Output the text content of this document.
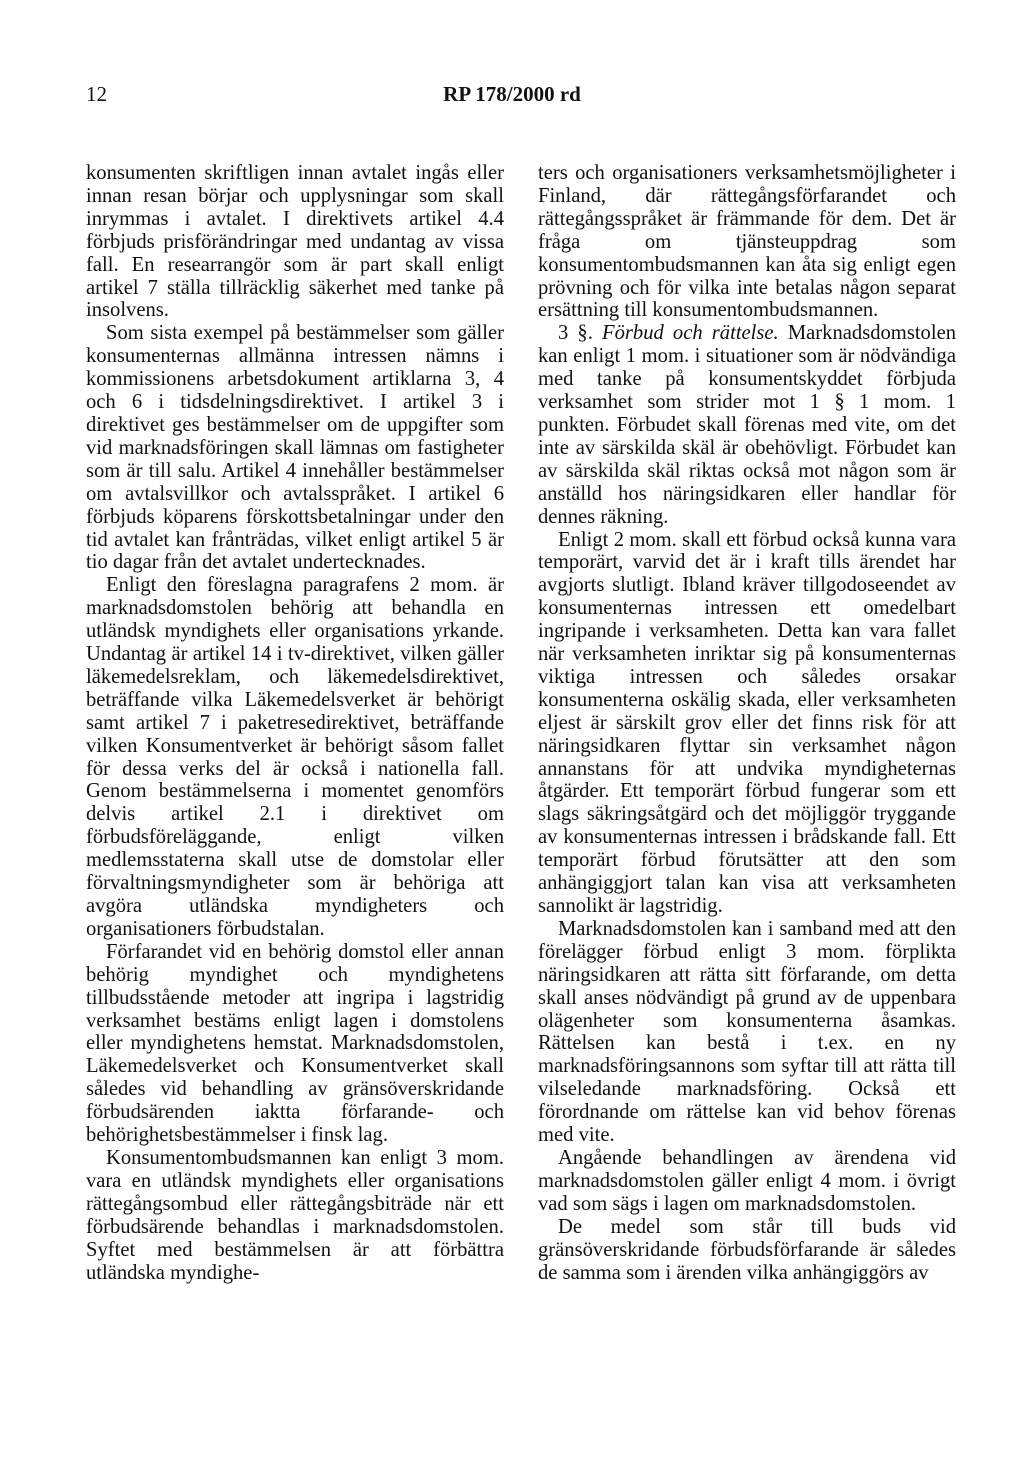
12	RP 178/2000 rd

konsumenten skriftligen innan avtalet ingås eller innan resan börjar och upplysningar som skall inrymmas i avtalet. I direktivets artikel 4.4 förbjuds prisförändringar med undantag av vissa fall. En researrangör som är part skall enligt artikel 7 ställa tillräcklig säkerhet med tanke på insolvens.

Som sista exempel på bestämmelser som gäller konsumenternas allmänna intressen nämns i kommissionens arbetsdokument artiklarna 3, 4 och 6 i tidsdelningsdirektivet. I artikel 3 i direktivet ges bestämmelser om de uppgifter som vid marknadsföringen skall lämnas om fastigheter som är till salu. Artikel 4 innehåller bestämmelser om avtalsvillkor och avtalsspråket. I artikel 6 förbjuds köparens förskottsbetalningar under den tid avtalet kan frånträdas, vilket enligt artikel 5 är tio dagar från det avtalet undertecknades.

Enligt den föreslagna paragrafens 2 mom. är marknadsdomstolen behörig att behandla en utländsk myndighets eller organisations yrkande. Undantag är artikel 14 i tv-direktivet, vilken gäller läkemedelsreklam, och läkemedelsdirektivet, beträffande vilka Läkemedelsverket är behörigt samt artikel 7 i paketresedirektivet, beträffande vilken Konsumentverket är behörigt såsom fallet för dessa verks del är också i nationella fall. Genom bestämmelserna i momentet genomförs delvis artikel 2.1 i direktivet om förbudsföreläggande, enligt vilken medlemsstaterna skall utse de domstolar eller förvaltningsmyndigheter som är behöriga att avgöra utländska myndigheters och organisationers förbudstalan.

Förfarandet vid en behörig domstol eller annan behörig myndighet och myndighetens tillbudsstående metoder att ingripa i lagstridig verksamhet bestäms enligt lagen i domstolens eller myndighetens hemstat. Marknadsdomstolen, Läkemedelsverket och Konsumentverket skall således vid behandling av gränsöverskridande förbudsärenden iaktta förfarande- och behörighetsbestämmelser i finsk lag.

Konsumentombudsmannen kan enligt 3 mom. vara en utländsk myndighets eller organisations rättegångsombud eller rättegångsbiträde när ett förbudsärende behandlas i marknadsdomstolen. Syftet med bestämmelsen är att förbättra utländska myndighe-

ters och organisationers verksamhetsmöjligheter i Finland, där rättegångsförfarandet och rättegångsspråket är främmande för dem. Det är fråga om tjänsteuppdrag som konsumentombudsmannen kan åta sig enligt egen prövning och för vilka inte betalas någon separat ersättning till konsumentombudsmannen.

3 §. Förbud och rättelse. Marknadsdomstolen kan enligt 1 mom. i situationer som är nödvändiga med tanke på konsumentskyddet förbjuda verksamhet som strider mot 1 § 1 mom. 1 punkten. Förbudet skall förenas med vite, om det inte av särskilda skäl är obehövligt. Förbudet kan av särskilda skäl riktas också mot någon som är anställd hos näringsidkaren eller handlar för dennes räkning.

Enligt 2 mom. skall ett förbud också kunna vara temporärt, varvid det är i kraft tills ärendet har avgjorts slutligt. Ibland kräver tillgodoseendet av konsumenternas intressen ett omedelbart ingripande i verksamheten. Detta kan vara fallet när verksamheten inriktar sig på konsumenternas viktiga intressen och således orsakar konsumenterna oskälig skada, eller verksamheten eljest är särskilt grov eller det finns risk för att näringsidkaren flyttar sin verksamhet någon annanstans för att undvika myndigheternas åtgärder. Ett temporärt förbud fungerar som ett slags säkringsåtgärd och det möjliggör tryggande av konsumenternas intressen i brådskande fall. Ett temporärt förbud förutsätter att den som anhängiggjort talan kan visa att verksamheten sannolikt är lagstridig.

Marknadsdomstolen kan i samband med att den förelägger förbud enligt 3 mom. förplikta näringsidkaren att rätta sitt förfarande, om detta skall anses nödvändigt på grund av de uppenbara olägenheter som konsumenterna åsamkas. Rättelsen kan bestå i t.ex. en ny marknadsföringsannons som syftar till att rätta till vilseledande marknadsföring. Också ett förordnande om rättelse kan vid behov förenas med vite.

Angående behandlingen av ärendena vid marknadsdomstolen gäller enligt 4 mom. i övrigt vad som sägs i lagen om marknadsdomstolen.

De medel som står till buds vid gränsöverskridande förbudsförfarande är således de samma som i ärenden vilka anhängiggörs av
